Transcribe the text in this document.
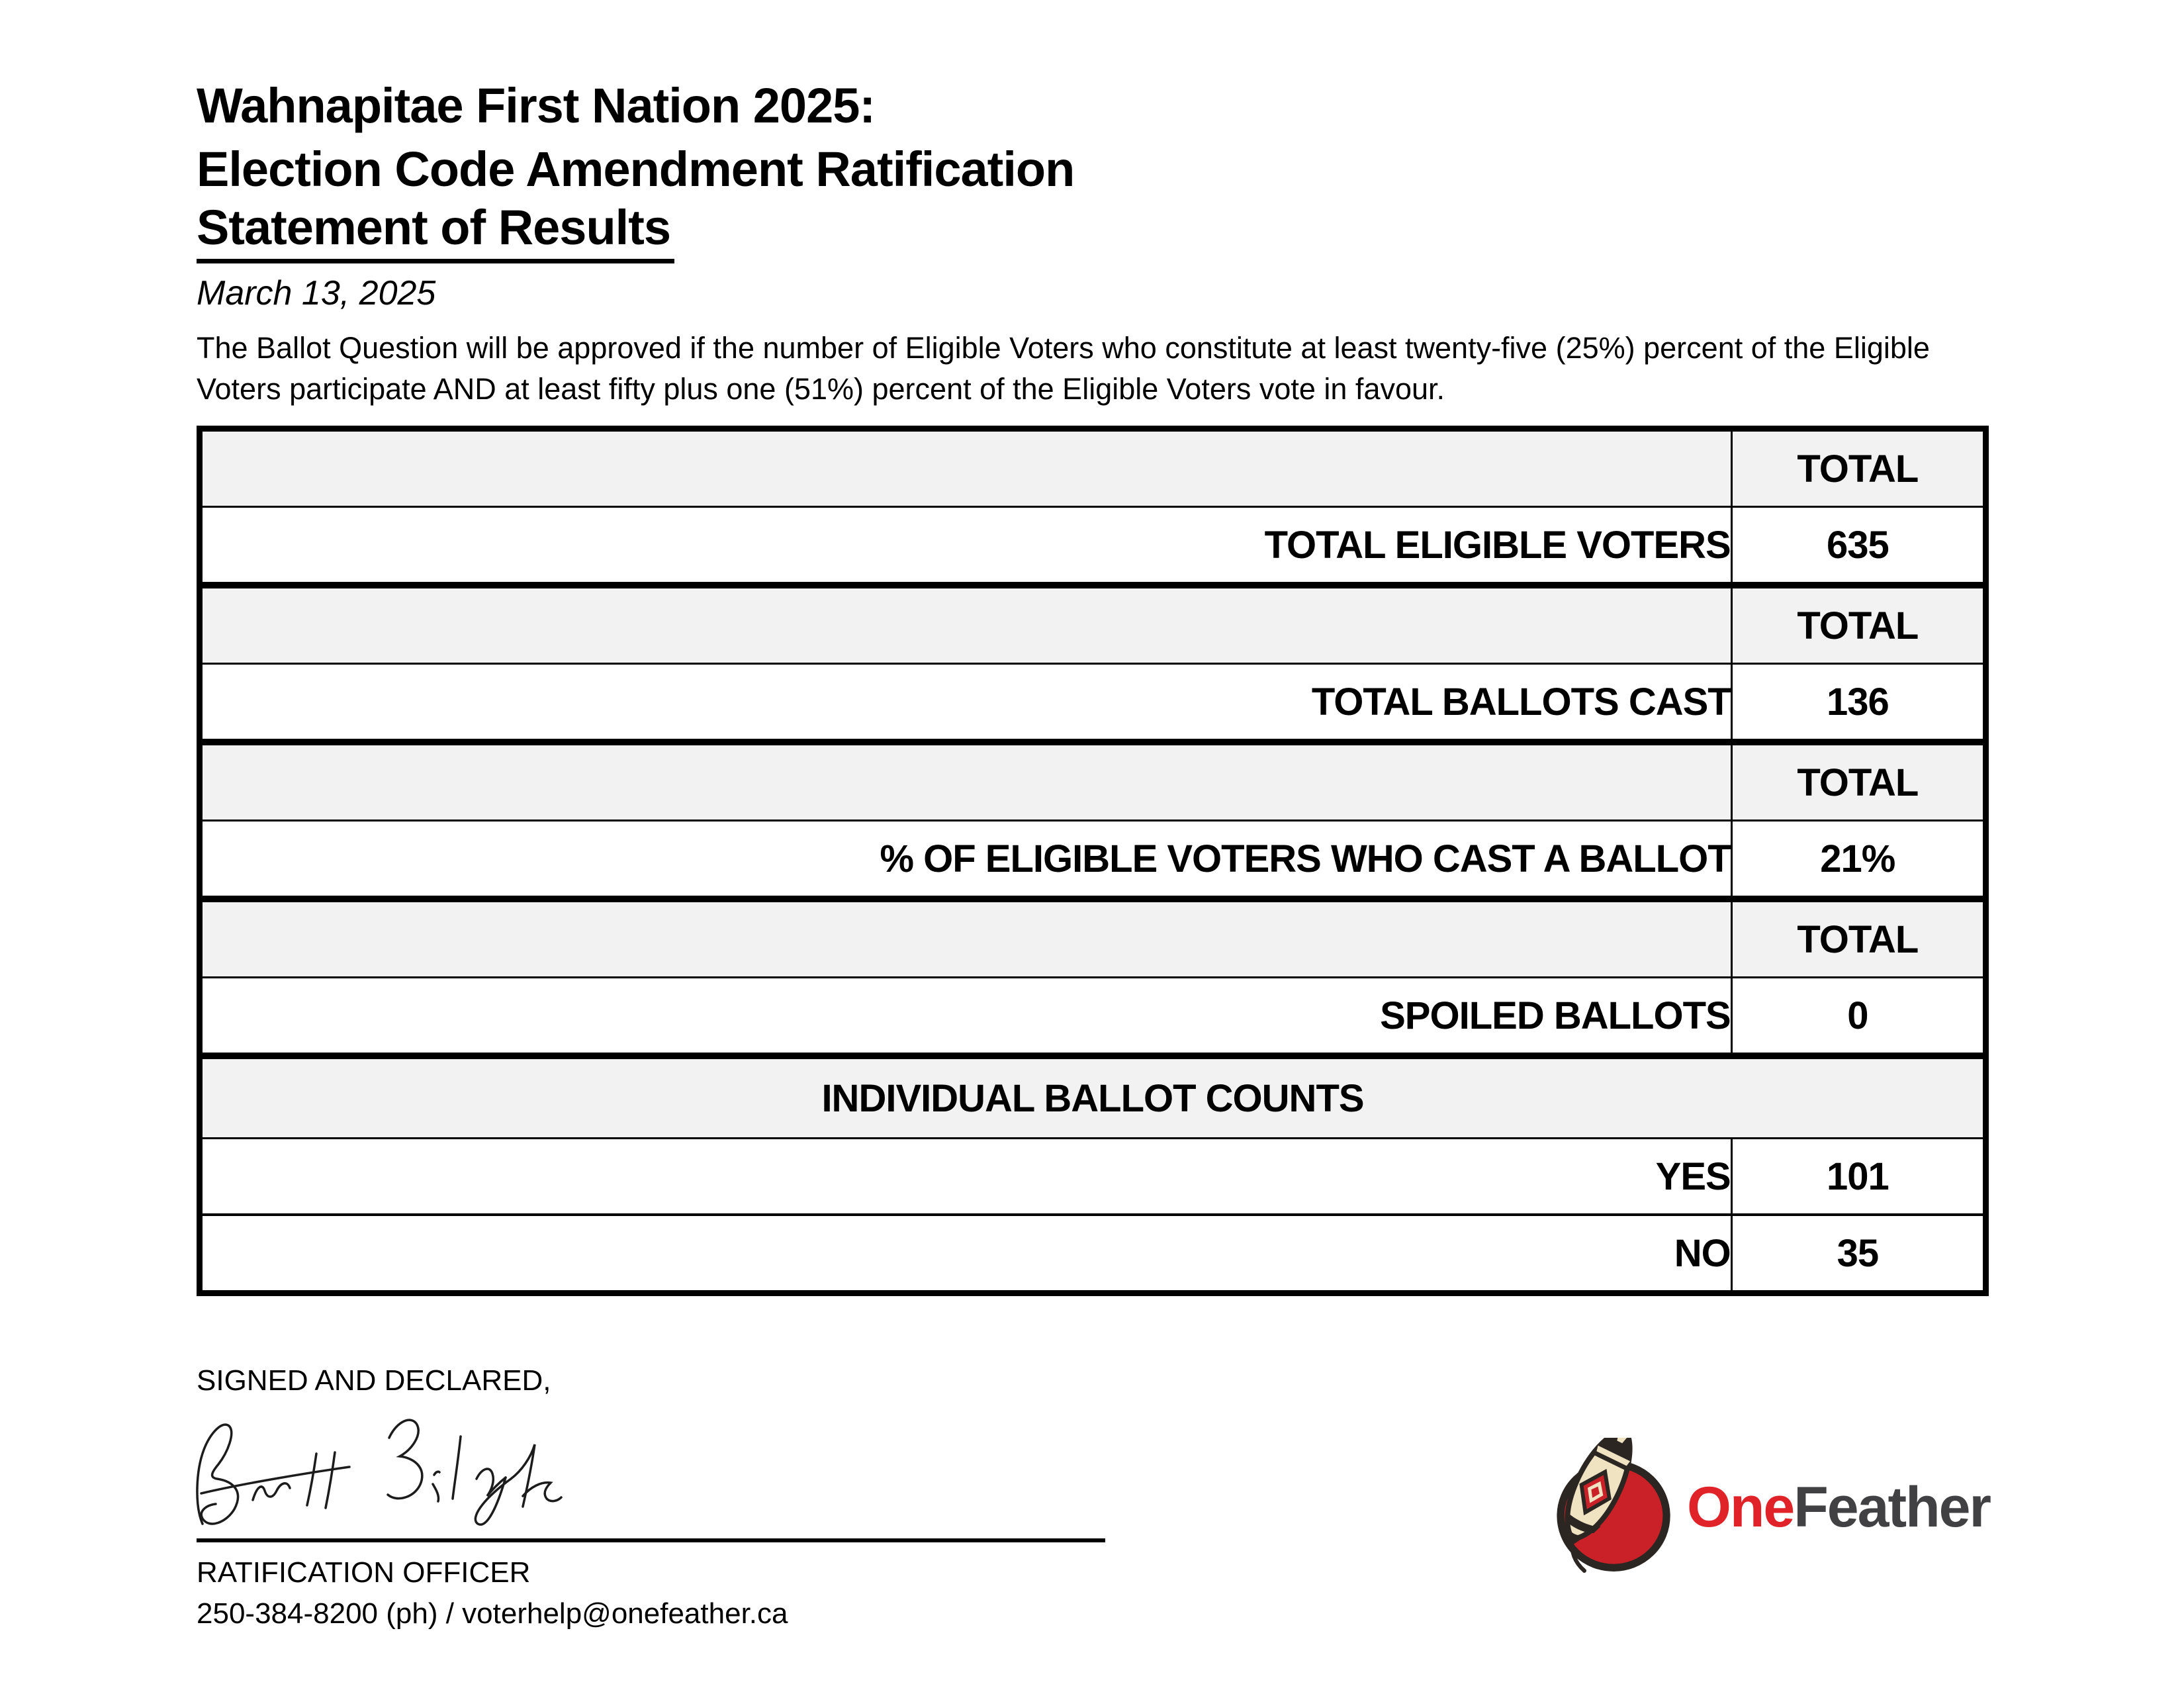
Wahnapitae First Nation 2025:
Election Code Amendment Ratification
Statement of Results
March 13, 2025
The Ballot Question will be approved if the number of Eligible Voters who constitute at least twenty-five (25%) percent of the Eligible
Voters participate AND at least fifty plus one (51%) percent of the Eligible Voters vote in favour.
	TOTAL
TOTAL ELIGIBLE VOTERS	635
	TOTAL
TOTAL BALLOTS CAST	136
	TOTAL
% OF ELIGIBLE VOTERS WHO CAST A BALLOT	21%
	TOTAL
SPOILED BALLOTS	0
INDIVIDUAL BALLOT COUNTS	
YES	101
NO	35
SIGNED AND DECLARED,
RATIFICATION OFFICER
250-384-8200 (ph) / voterhelp@onefeather.ca
OneFeather
